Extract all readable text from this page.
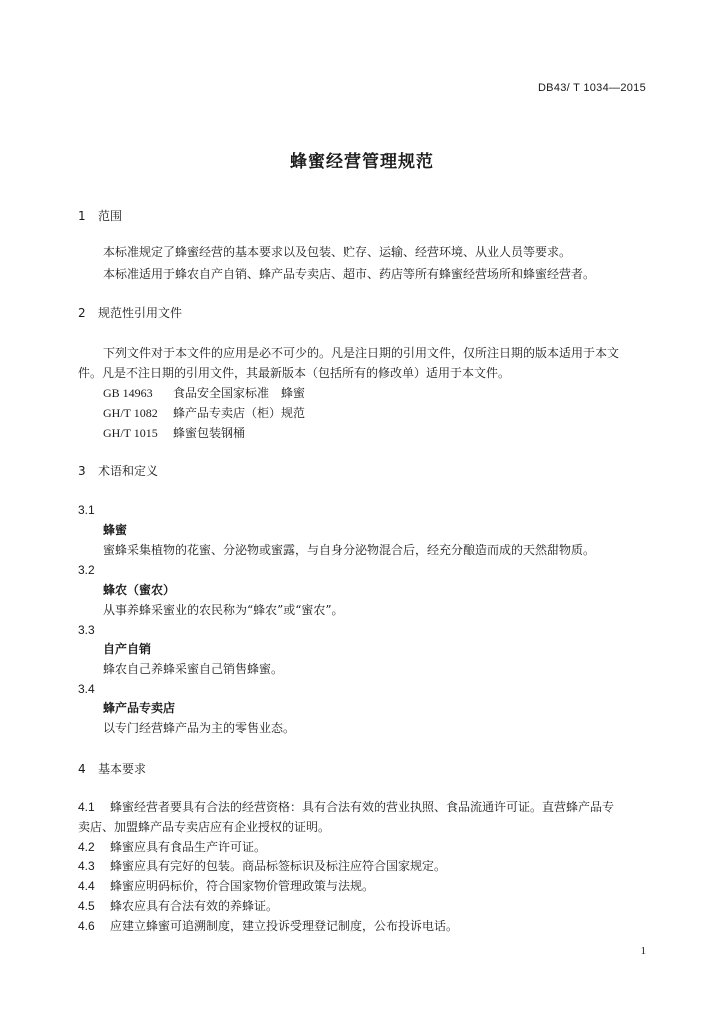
DB43/ T 1034—2015
蜂蜜经营管理规范
1 范围
本标准规定了蜂蜜经营的基本要求以及包装、贮存、运输、经营环境、从业人员等要求。
本标准适用于蜂农自产自销、蜂产品专卖店、超市、药店等所有蜂蜜经营场所和蜂蜜经营者。
2 规范性引用文件
下列文件对于本文件的应用是必不可少的。凡是注日期的引用文件，仅所注日期的版本适用于本文
件。凡是不注日期的引用文件，其最新版本（包括所有的修改单）适用于本文件。
GB 14963 食品安全国家标准　蜂蜜
GH/T 1082 蜂产品专卖店（柜）规范
GH/T 1015 蜂蜜包装钢桶
3 术语和定义
3.1
蜂蜜
蜜蜂采集植物的花蜜、分泌物或蜜露，与自身分泌物混合后，经充分酿造而成的天然甜物质。
3.2
蜂农（蜜农）
从事养蜂采蜜业的农民称为“蜂农”或“蜜农”。
3.3
自产自销
蜂农自己养蜂采蜜自己销售蜂蜜。
3.4
蜂产品专卖店
以专门经营蜂产品为主的零售业态。
4 基本要求
4.1 蜂蜜经营者要具有合法的经营资格：具有合法有效的营业执照、食品流通许可证。直营蜂产品专
卖店、加盟蜂产品专卖店应有企业授权的证明。
4.2 蜂蜜应具有食品生产许可证。
4.3 蜂蜜应具有完好的包装。商品标签标识及标注应符合国家规定。
4.4 蜂蜜应明码标价，符合国家物价管理政策与法规。
4.5 蜂农应具有合法有效的养蜂证。
4.6 应建立蜂蜜可追溯制度，建立投诉受理登记制度，公布投诉电话。
1
